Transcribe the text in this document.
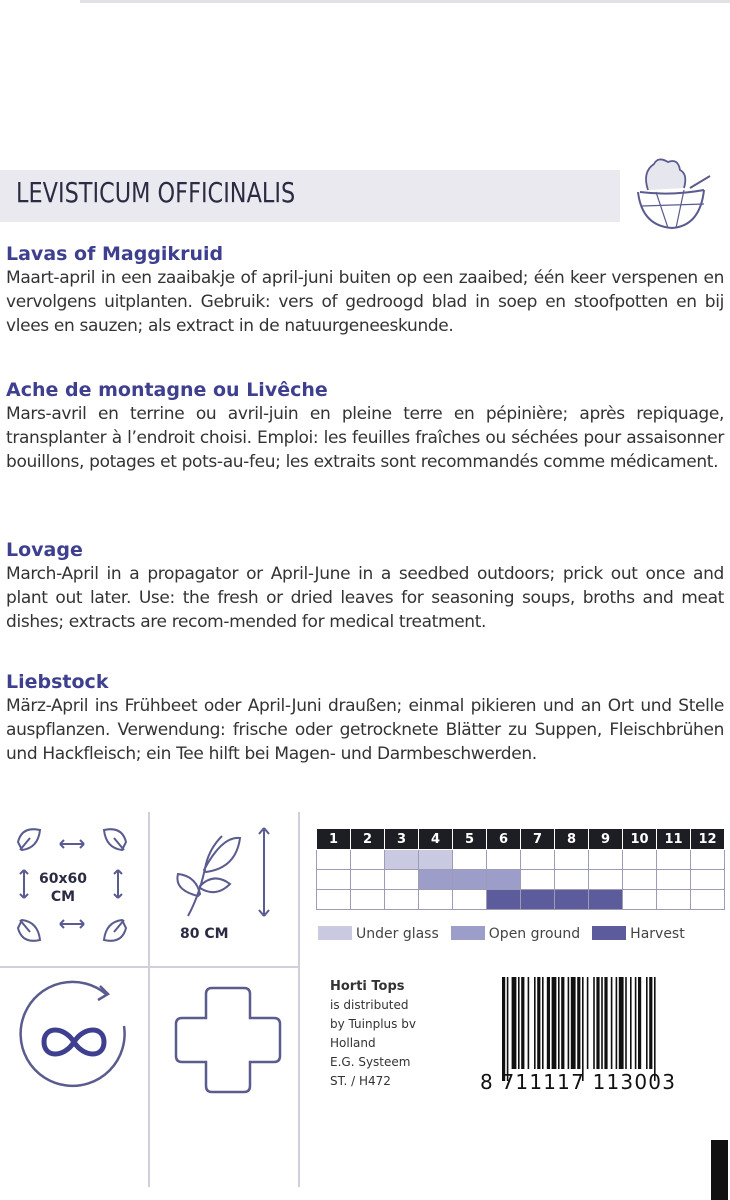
LEVISTICUM OFFICINALIS
Lavas of Maggikruid

Maart-april in een zaaibakje of april-juni buiten op een zaaibed; één keer verspenen en vervolgens uitplanten. Gebruik: vers of gedroogd blad in soep en stoofpotten en bij vlees en sauzen; als extract in de natuurgeneeskunde.

Ache de montagne ou Livêche

Mars-avril en terrine ou avril-juin en pleine terre en pépinière; après repiquage, transplanter à l’endroit choisi. Emploi: les feuilles fraîches ou séchées pour assaisonner bouillons, potages et pots-au-feu; les extraits sont recommandés comme médicament.

Lovage

March-April in a propagator or April-June in a seedbed outdoors; prick out once and plant out later. Use: the fresh or dried leaves for seasoning soups, broths and meat dishes; extracts are recom-mended for medical treatment.

Liebstock

März-April ins Frühbeet oder April-Juni draußen; einmal pikieren und an Ort und Stelle auspflanzen. Verwendung: frische oder getrocknete Blätter zu Suppen, Fleischbrühen und Hackfleisch; ein Tee hilft bei Magen- und Darmbeschwerden.

60x60
CM
80 CM
1	2	3	4	5	6	7	8	9	10	11	12

Under glass	Open ground	Harvest
Horti Tops
is distributed
by Tuinplus bv
Holland
E.G. Systeem
ST. / H472	8 711117 113003
